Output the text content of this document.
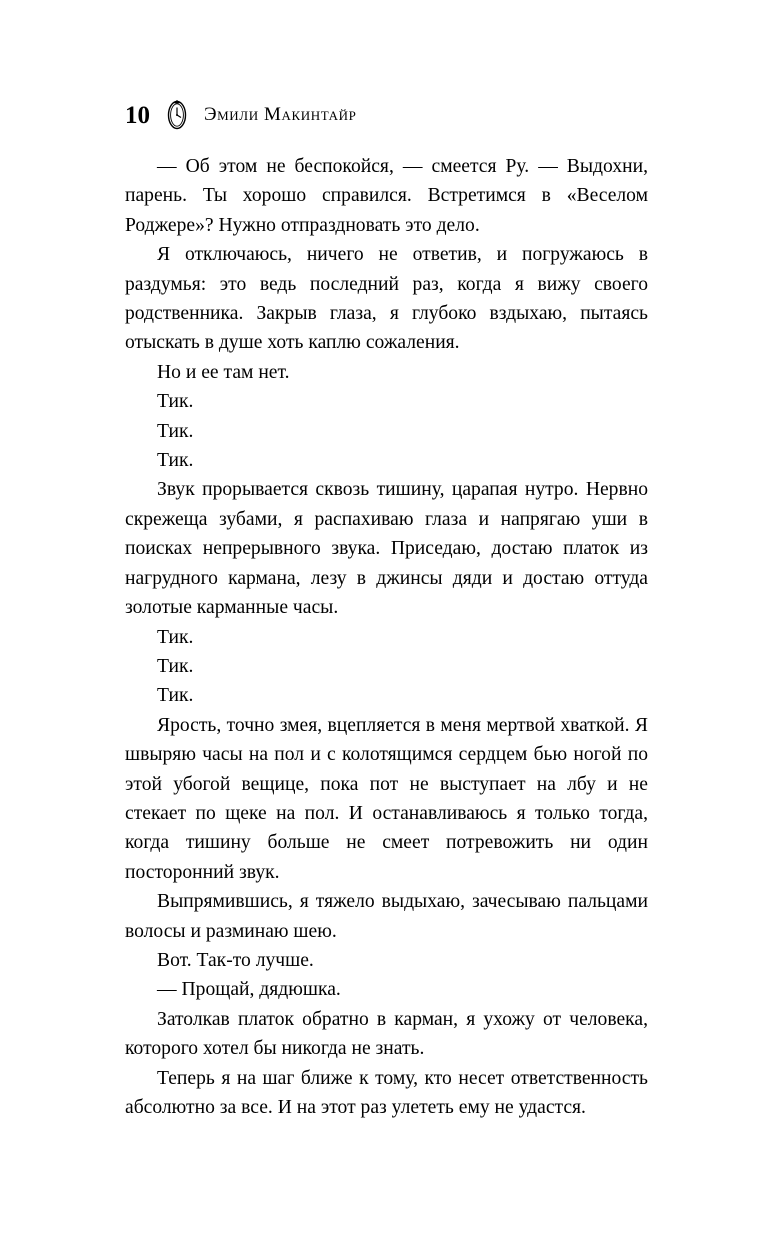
10	Эмили Макинтайр

— Об этом не беспокойся, — смеется Ру. — Выдохни, парень. Ты хорошо справился. Встретимся в «Веселом Роджере»? Нужно отпраздновать это дело.

Я отключаюсь, ничего не ответив, и погружаюсь в раздумья: это ведь последний раз, когда я вижу своего родственника. Закрыв глаза, я глубоко вздыхаю, пытаясь отыскать в душе хоть каплю сожаления.

Но и ее там нет.

Тик.

Тик.

Тик.

Звук прорывается сквозь тишину, царапая нутро. Нервно скрежеща зубами, я распахиваю глаза и напрягаю уши в поисках непрерывного звука. Приседаю, достаю платок из нагрудного кармана, лезу в джинсы дяди и достаю оттуда золотые карманные часы.

Тик.

Тик.

Тик.

Ярость, точно змея, вцепляется в меня мертвой хваткой. Я швыряю часы на пол и с колотящимся сердцем бью ногой по этой убогой вещице, пока пот не выступает на лбу и не стекает по щеке на пол. И останавливаюсь я только тогда, когда тишину больше не смеет потревожить ни один посторонний звук.

Выпрямившись, я тяжело выдыхаю, зачесываю пальцами волосы и разминаю шею.

Вот. Так-то лучше.

— Прощай, дядюшка.

Затолкав платок обратно в карман, я ухожу от человека, которого хотел бы никогда не знать.

Теперь я на шаг ближе к тому, кто несет ответственность абсолютно за все. И на этот раз улететь ему не удастся.
